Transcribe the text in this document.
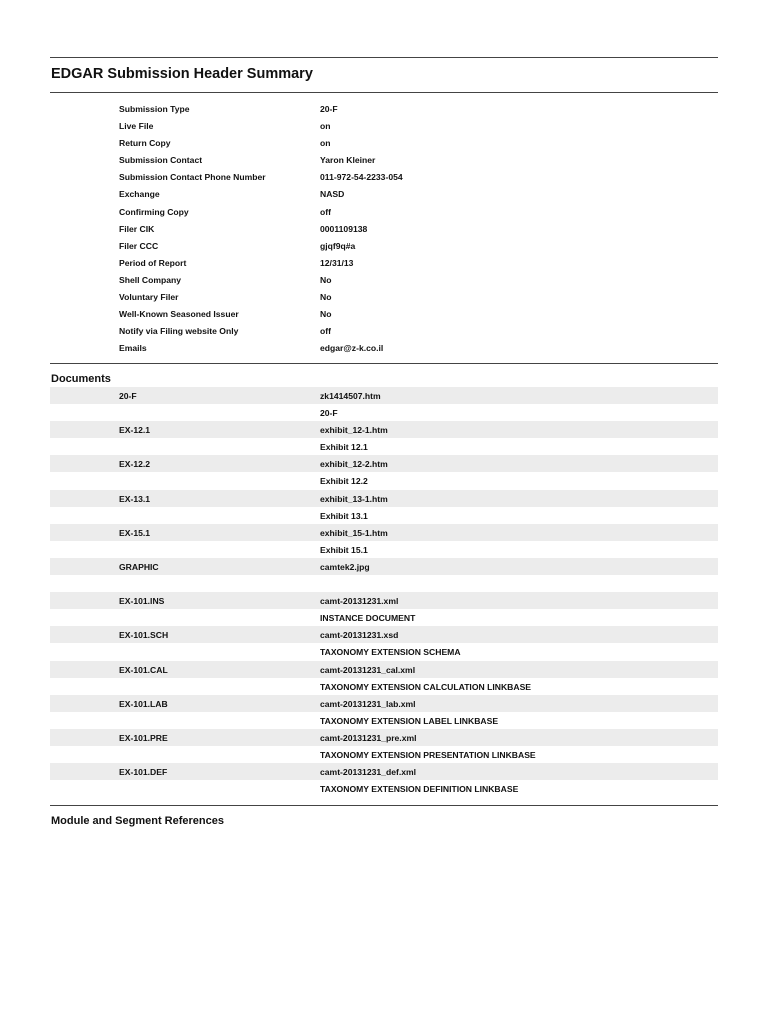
EDGAR Submission Header Summary
Submission Type	20-F
Live File	on
Return Copy	on
Submission Contact	Yaron Kleiner
Submission Contact Phone Number	011-972-54-2233-054
Exchange	NASD
Confirming Copy	off
Filer CIK	0001109138
Filer CCC	gjqf9q#a
Period of Report	12/31/13
Shell Company	No
Voluntary Filer	No
Well-Known Seasoned Issuer	No
Notify via Filing website Only	off
Emails	edgar@z-k.co.il
Documents
20-F	zk1414507.htm
20-F
EX-12.1	exhibit_12-1.htm
Exhibit 12.1
EX-12.2	exhibit_12-2.htm
Exhibit 12.2
EX-13.1	exhibit_13-1.htm
Exhibit 13.1
EX-15.1	exhibit_15-1.htm
Exhibit 15.1
GRAPHIC	camtek2.jpg
EX-101.INS	camt-20131231.xml
INSTANCE DOCUMENT
EX-101.SCH	camt-20131231.xsd
TAXONOMY EXTENSION SCHEMA
EX-101.CAL	camt-20131231_cal.xml
TAXONOMY EXTENSION CALCULATION LINKBASE
EX-101.LAB	camt-20131231_lab.xml
TAXONOMY EXTENSION LABEL LINKBASE
EX-101.PRE	camt-20131231_pre.xml
TAXONOMY EXTENSION PRESENTATION LINKBASE
EX-101.DEF	camt-20131231_def.xml
TAXONOMY EXTENSION DEFINITION LINKBASE
Module and Segment References
